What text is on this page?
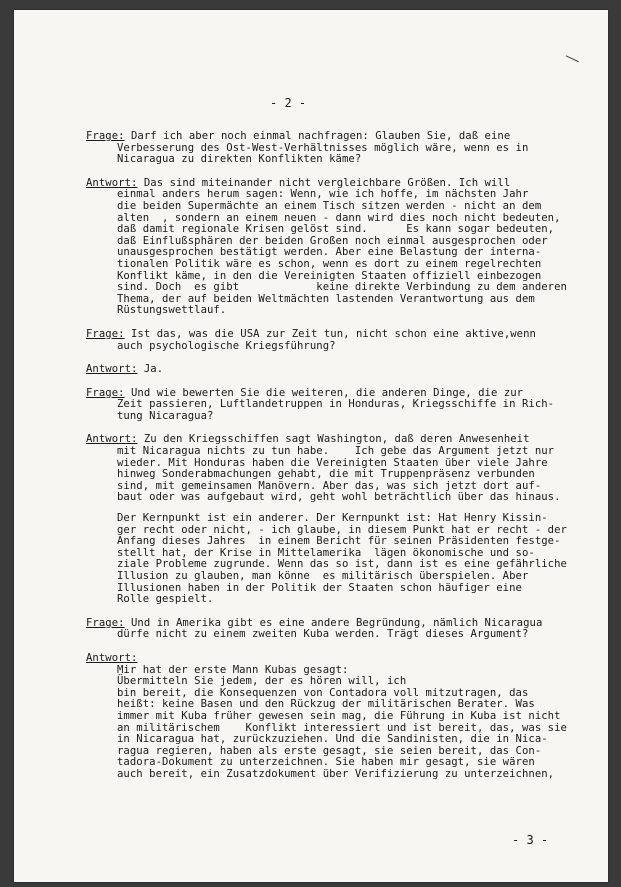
- 2 -
Frage: Darf ich aber noch einmal nachfragen: Glauben Sie, daß eine
Verbesserung des Ost-West-Verhältnisses möglich wäre, wenn es in
Nicaragua zu direkten Konflikten käme?
Antwort: Das sind miteinander nicht vergleichbare Größen. Ich will
einmal anders herum sagen: Wenn, wie ich hoffe, im nächsten Jahr
die beiden Supermächte an einem Tisch sitzen werden - nicht an dem
alten  , sondern an einem neuen - dann wird dies noch nicht bedeuten,
daß damit regionale Krisen gelöst sind.      Es kann sogar bedeuten,
daß Einflußsphären der beiden Großen noch einmal ausgesprochen oder
unausgesprochen bestätigt werden. Aber eine Belastung der interna-
tionalen Politik wäre es schon, wenn es dort zu einem regelrechten
Konflikt käme, in den die Vereinigten Staaten offiziell einbezogen
sind. Doch  es gibt            keine direkte Verbindung zu dem anderen
Thema, der auf beiden Weltmächten lastenden Verantwortung aus dem
Rüstungswettlauf.
Frage: Ist das, was die USA zur Zeit tun, nicht schon eine aktive,wenn
auch psychologische Kriegsführung?
Antwort: Ja.
Frage: Und wie bewerten Sie die weiteren, die anderen Dinge, die zur
Zeit passieren, Luftlandetruppen in Honduras, Kriegsschiffe in Rich-
tung Nicaragua?
Antwort: Zu den Kriegsschiffen sagt Washington, daß deren Anwesenheit
mit Nicaragua nichts zu tun habe.    Ich gebe das Argument jetzt nur
wieder. Mit Honduras haben die Vereinigten Staaten über viele Jahre
hinweg Sonderabmachungen gehabt, die mit Truppenpräsenz verbunden
sind, mit gemeinsamen Manövern. Aber das, was sich jetzt dort auf-
baut oder was aufgebaut wird, geht wohl beträchtlich über das hinaus.
Der Kernpunkt ist ein anderer. Der Kernpunkt ist: Hat Henry Kissin-
ger recht oder nicht, - ich glaube, in diesem Punkt hat er recht - der
Anfang dieses Jahres  in einem Bericht für seinen Präsidenten festge-
stellt hat, der Krise in Mittelamerika  lägen ökonomische und so-
ziale Probleme zugrunde. Wenn das so ist, dann ist es eine gefährliche
Illusion zu glauben, man könne  es militärisch überspielen. Aber
Illusionen haben in der Politik der Staaten schon häufiger eine
Rolle gespielt.
Frage: Und in Amerika gibt es eine andere Begründung, nämlich Nicaragua
dürfe nicht zu einem zweiten Kuba werden. Trägt dieses Argument?
Antwort:
Mir hat der erste Mann Kubas gesagt:
Übermitteln Sie jedem, der es hören will, ich
bin bereit, die Konsequenzen von Contadora voll mitzutragen, das
heißt: keine Basen und den Rückzug der militärischen Berater. Was
immer mit Kuba früher gewesen sein mag, die Führung in Kuba ist nicht
an militärischem    Konflikt interessiert und ist bereit, das, was sie
in Nicaragua hat, zurückzuziehen. Und die Sandinisten, die in Nica-
ragua regieren, haben als erste gesagt, sie seien bereit, das Con-
tadora-Dokument zu unterzeichnen. Sie haben mir gesagt, sie wären
auch bereit, ein Zusatzdokument über Verifizierung zu unterzeichnen,
- 3 -
